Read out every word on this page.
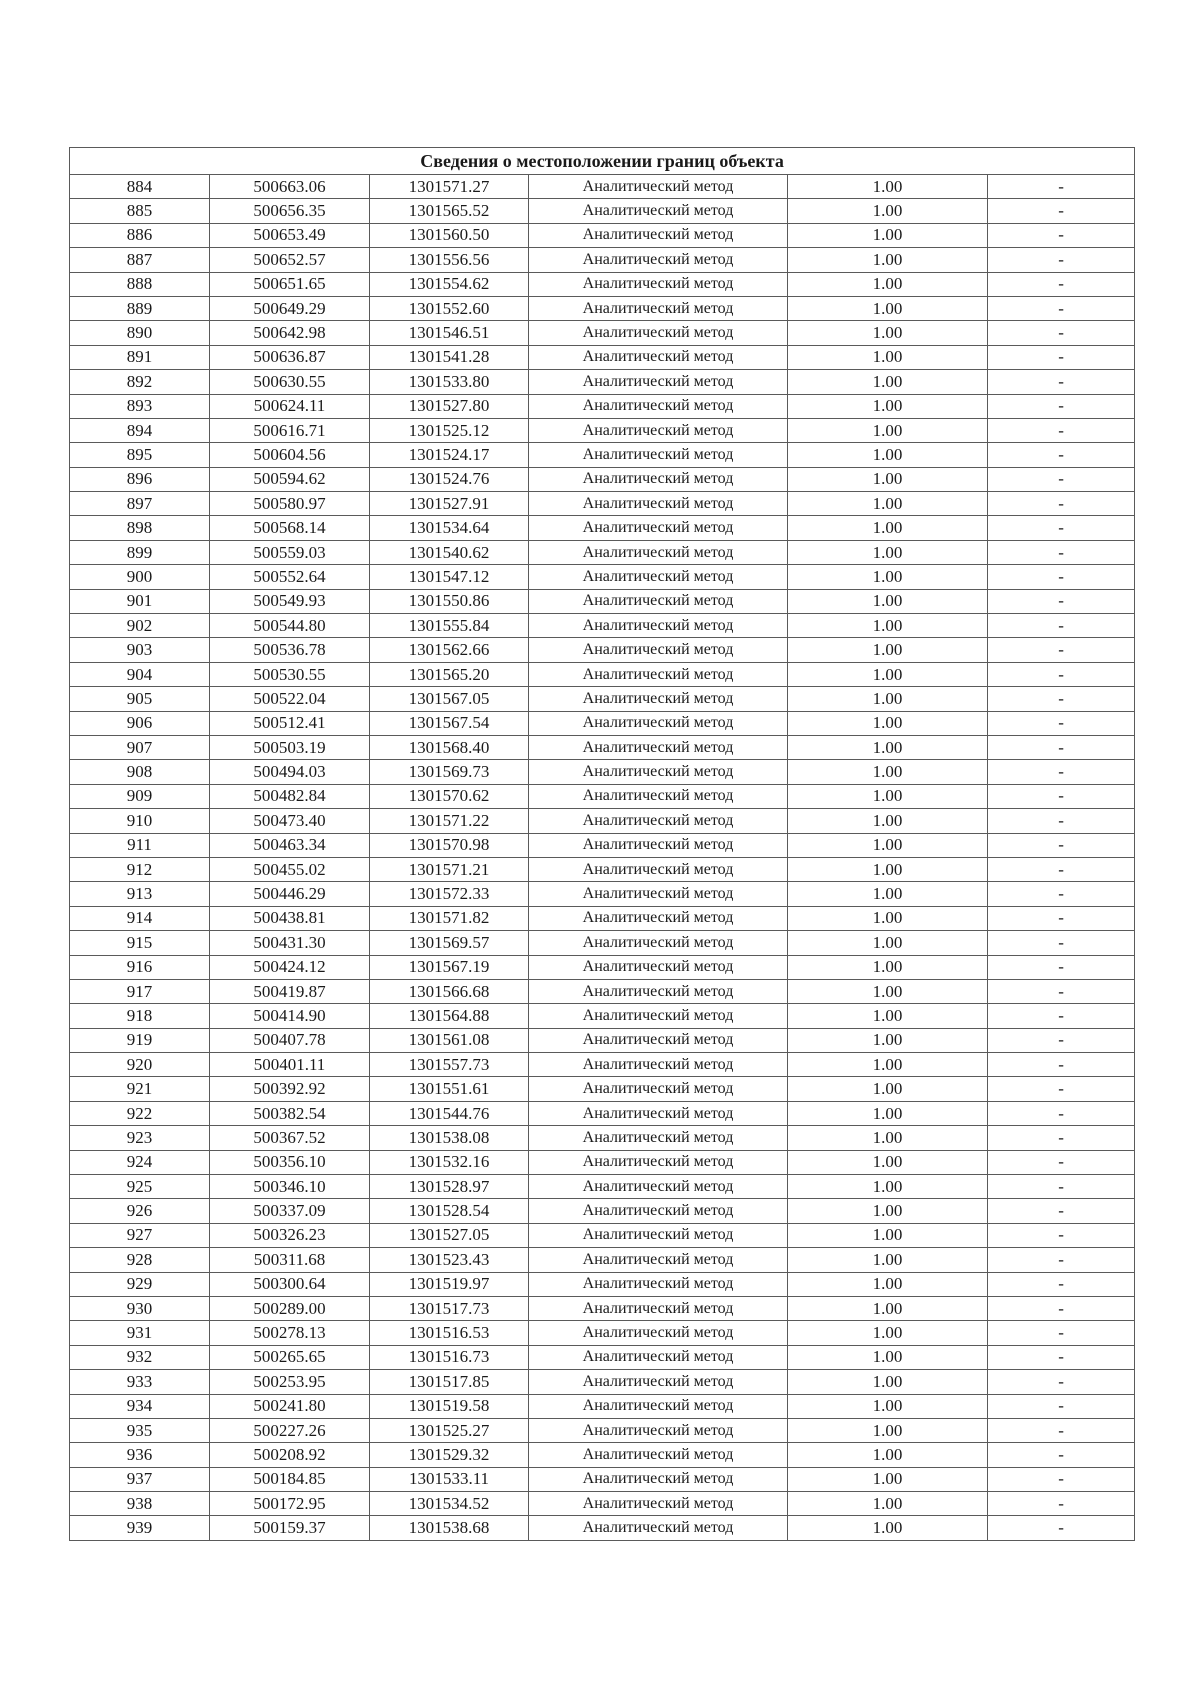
Сведения о местоположении границ объекта					
884	500663.06	1301571.27	Аналитический метод	1.00	-
885	500656.35	1301565.52	Аналитический метод	1.00	-
886	500653.49	1301560.50	Аналитический метод	1.00	-
887	500652.57	1301556.56	Аналитический метод	1.00	-
888	500651.65	1301554.62	Аналитический метод	1.00	-
889	500649.29	1301552.60	Аналитический метод	1.00	-
890	500642.98	1301546.51	Аналитический метод	1.00	-
891	500636.87	1301541.28	Аналитический метод	1.00	-
892	500630.55	1301533.80	Аналитический метод	1.00	-
893	500624.11	1301527.80	Аналитический метод	1.00	-
894	500616.71	1301525.12	Аналитический метод	1.00	-
895	500604.56	1301524.17	Аналитический метод	1.00	-
896	500594.62	1301524.76	Аналитический метод	1.00	-
897	500580.97	1301527.91	Аналитический метод	1.00	-
898	500568.14	1301534.64	Аналитический метод	1.00	-
899	500559.03	1301540.62	Аналитический метод	1.00	-
900	500552.64	1301547.12	Аналитический метод	1.00	-
901	500549.93	1301550.86	Аналитический метод	1.00	-
902	500544.80	1301555.84	Аналитический метод	1.00	-
903	500536.78	1301562.66	Аналитический метод	1.00	-
904	500530.55	1301565.20	Аналитический метод	1.00	-
905	500522.04	1301567.05	Аналитический метод	1.00	-
906	500512.41	1301567.54	Аналитический метод	1.00	-
907	500503.19	1301568.40	Аналитический метод	1.00	-
908	500494.03	1301569.73	Аналитический метод	1.00	-
909	500482.84	1301570.62	Аналитический метод	1.00	-
910	500473.40	1301571.22	Аналитический метод	1.00	-
911	500463.34	1301570.98	Аналитический метод	1.00	-
912	500455.02	1301571.21	Аналитический метод	1.00	-
913	500446.29	1301572.33	Аналитический метод	1.00	-
914	500438.81	1301571.82	Аналитический метод	1.00	-
915	500431.30	1301569.57	Аналитический метод	1.00	-
916	500424.12	1301567.19	Аналитический метод	1.00	-
917	500419.87	1301566.68	Аналитический метод	1.00	-
918	500414.90	1301564.88	Аналитический метод	1.00	-
919	500407.78	1301561.08	Аналитический метод	1.00	-
920	500401.11	1301557.73	Аналитический метод	1.00	-
921	500392.92	1301551.61	Аналитический метод	1.00	-
922	500382.54	1301544.76	Аналитический метод	1.00	-
923	500367.52	1301538.08	Аналитический метод	1.00	-
924	500356.10	1301532.16	Аналитический метод	1.00	-
925	500346.10	1301528.97	Аналитический метод	1.00	-
926	500337.09	1301528.54	Аналитический метод	1.00	-
927	500326.23	1301527.05	Аналитический метод	1.00	-
928	500311.68	1301523.43	Аналитический метод	1.00	-
929	500300.64	1301519.97	Аналитический метод	1.00	-
930	500289.00	1301517.73	Аналитический метод	1.00	-
931	500278.13	1301516.53	Аналитический метод	1.00	-
932	500265.65	1301516.73	Аналитический метод	1.00	-
933	500253.95	1301517.85	Аналитический метод	1.00	-
934	500241.80	1301519.58	Аналитический метод	1.00	-
935	500227.26	1301525.27	Аналитический метод	1.00	-
936	500208.92	1301529.32	Аналитический метод	1.00	-
937	500184.85	1301533.11	Аналитический метод	1.00	-
938	500172.95	1301534.52	Аналитический метод	1.00	-
939	500159.37	1301538.68	Аналитический метод	1.00	-
